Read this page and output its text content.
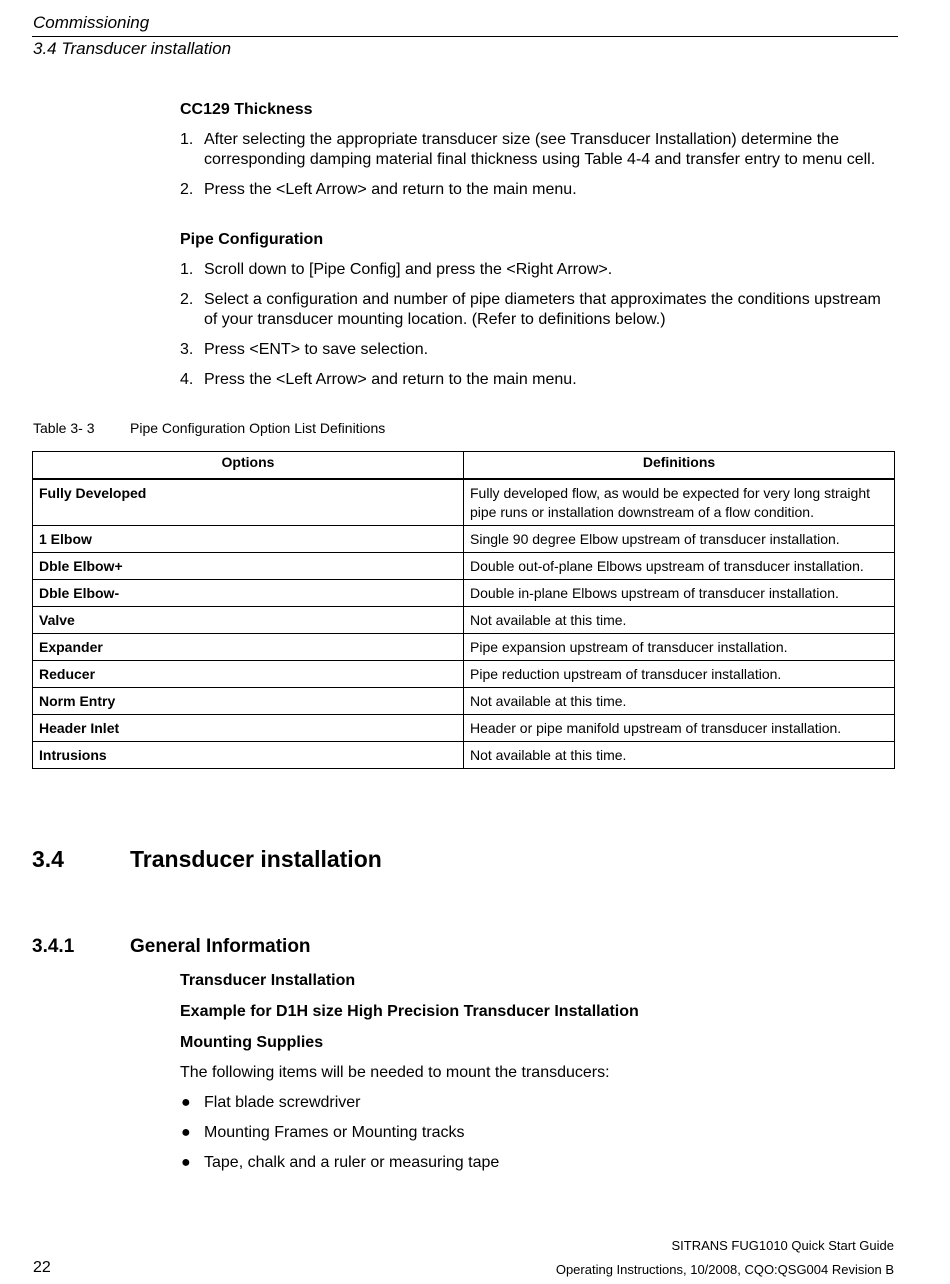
Commissioning
3.4 Transducer installation
CC129 Thickness
1. After selecting the appropriate transducer size (see Transducer Installation) determine the corresponding damping material final thickness using Table 4-4 and transfer entry to menu cell.
2. Press the <Left Arrow> and return to the main menu.
Pipe Configuration
1. Scroll down to [Pipe Config] and press the <Right Arrow>.
2. Select a configuration and number of pipe diameters that approximates the conditions upstream of your transducer mounting location. (Refer to definitions below.)
3. Press <ENT> to save selection.
4. Press the <Left Arrow> and return to the main menu.
Table 3- 3	Pipe Configuration Option List Definitions
Options	Definitions
Fully Developed	Fully developed flow, as would be expected for very long straight pipe runs or installation downstream of a flow condition.
1 Elbow	Single 90 degree Elbow upstream of transducer installation.
Dble Elbow+	Double out-of-plane Elbows upstream of transducer installation.
Dble Elbow-	Double in-plane Elbows upstream of transducer installation.
Valve	Not available at this time.
Expander	Pipe expansion upstream of transducer installation.
Reducer	Pipe reduction upstream of transducer installation.
Norm Entry	Not available at this time.
Header Inlet	Header or pipe manifold upstream of transducer installation.
Intrusions	Not available at this time.
3.4	Transducer installation
3.4.1	General Information
Transducer Installation
Example for D1H size High Precision Transducer Installation
Mounting Supplies
The following items will be needed to mount the transducers:
● Flat blade screwdriver
● Mounting Frames or Mounting tracks
● Tape, chalk and a ruler or measuring tape
SITRANS FUG1010 Quick Start Guide
22	Operating Instructions, 10/2008, CQO:QSG004 Revision B
